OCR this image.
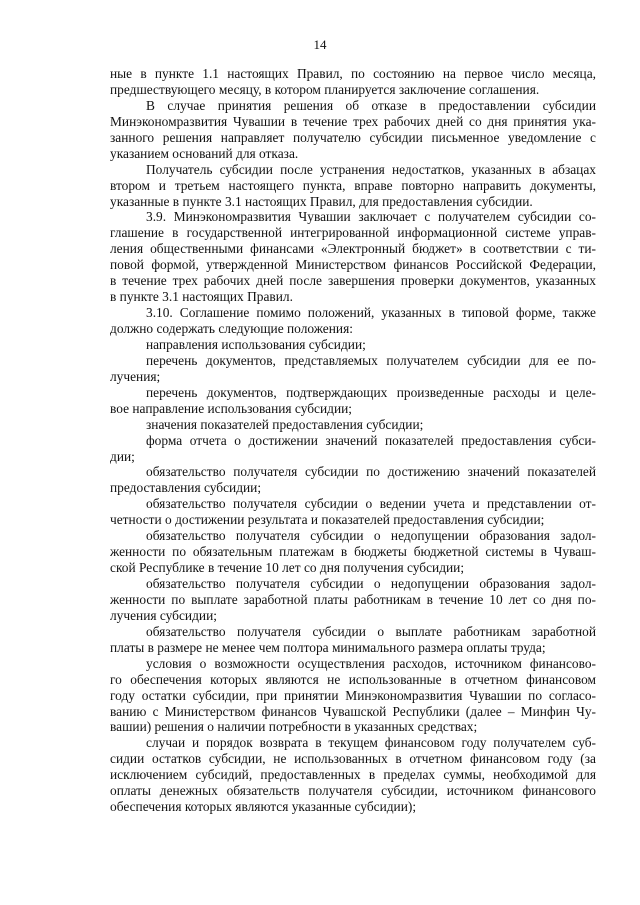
14
ные в пункте 1.1 настоящих Правил, по состоянию на первое число месяца,
предшествующего месяцу, в котором планируется заключение соглашения.
В случае принятия решения об отказе в предоставлении субсидии
Минэкономразвития Чувашии в течение трех рабочих дней со дня принятия ука-
занного решения направляет получателю субсидии письменное уведомление с
указанием оснований для отказа.
Получатель субсидии после устранения недостатков, указанных в абзацах
втором и третьем настоящего пункта, вправе повторно направить документы,
указанные в пункте 3.1 настоящих Правил, для предоставления субсидии.
3.9. Минэкономразвития Чувашии заключает с получателем субсидии со-
глашение в государственной интегрированной информационной системе управ-
ления общественными финансами «Электронный бюджет» в соответствии с ти-
повой формой, утвержденной Министерством финансов Российской Федерации,
в течение трех рабочих дней после завершения проверки документов, указанных
в пункте 3.1 настоящих Правил.
3.10. Соглашение помимо положений, указанных в типовой форме, также
должно содержать следующие положения:
направления использования субсидии;
перечень документов, представляемых получателем субсидии для ее по-
лучения;
перечень документов, подтверждающих произведенные расходы и целе-
вое направление использования субсидии;
значения показателей предоставления субсидии;
форма отчета о достижении значений показателей предоставления субси-
дии;
обязательство получателя субсидии по достижению значений показателей
предоставления субсидии;
обязательство получателя субсидии о ведении учета и представлении от-
четности о достижении результата и показателей предоставления субсидии;
обязательство получателя субсидии о недопущении образования задол-
женности по обязательным платежам в бюджеты бюджетной системы в Чуваш-
ской Республике в течение 10 лет со дня получения субсидии;
обязательство получателя субсидии о недопущении образования задол-
женности по выплате заработной платы работникам в течение 10 лет со дня по-
лучения субсидии;
обязательство получателя субсидии о выплате работникам заработной
платы в размере не менее чем полтора минимального размера оплаты труда;
условия о возможности осуществления расходов, источником финансово-
го обеспечения которых являются не использованные в отчетном финансовом
году остатки субсидии, при принятии Минэкономразвития Чувашии по согласо-
ванию с Министерством финансов Чувашской Республики (далее – Минфин Чу-
вашии) решения о наличии потребности в указанных средствах;
случаи и порядок возврата в текущем финансовом году получателем суб-
сидии остатков субсидии, не использованных в отчетном финансовом году (за
исключением субсидий, предоставленных в пределах суммы, необходимой для
оплаты денежных обязательств получателя субсидии, источником финансового
обеспечения которых являются указанные субсидии);
